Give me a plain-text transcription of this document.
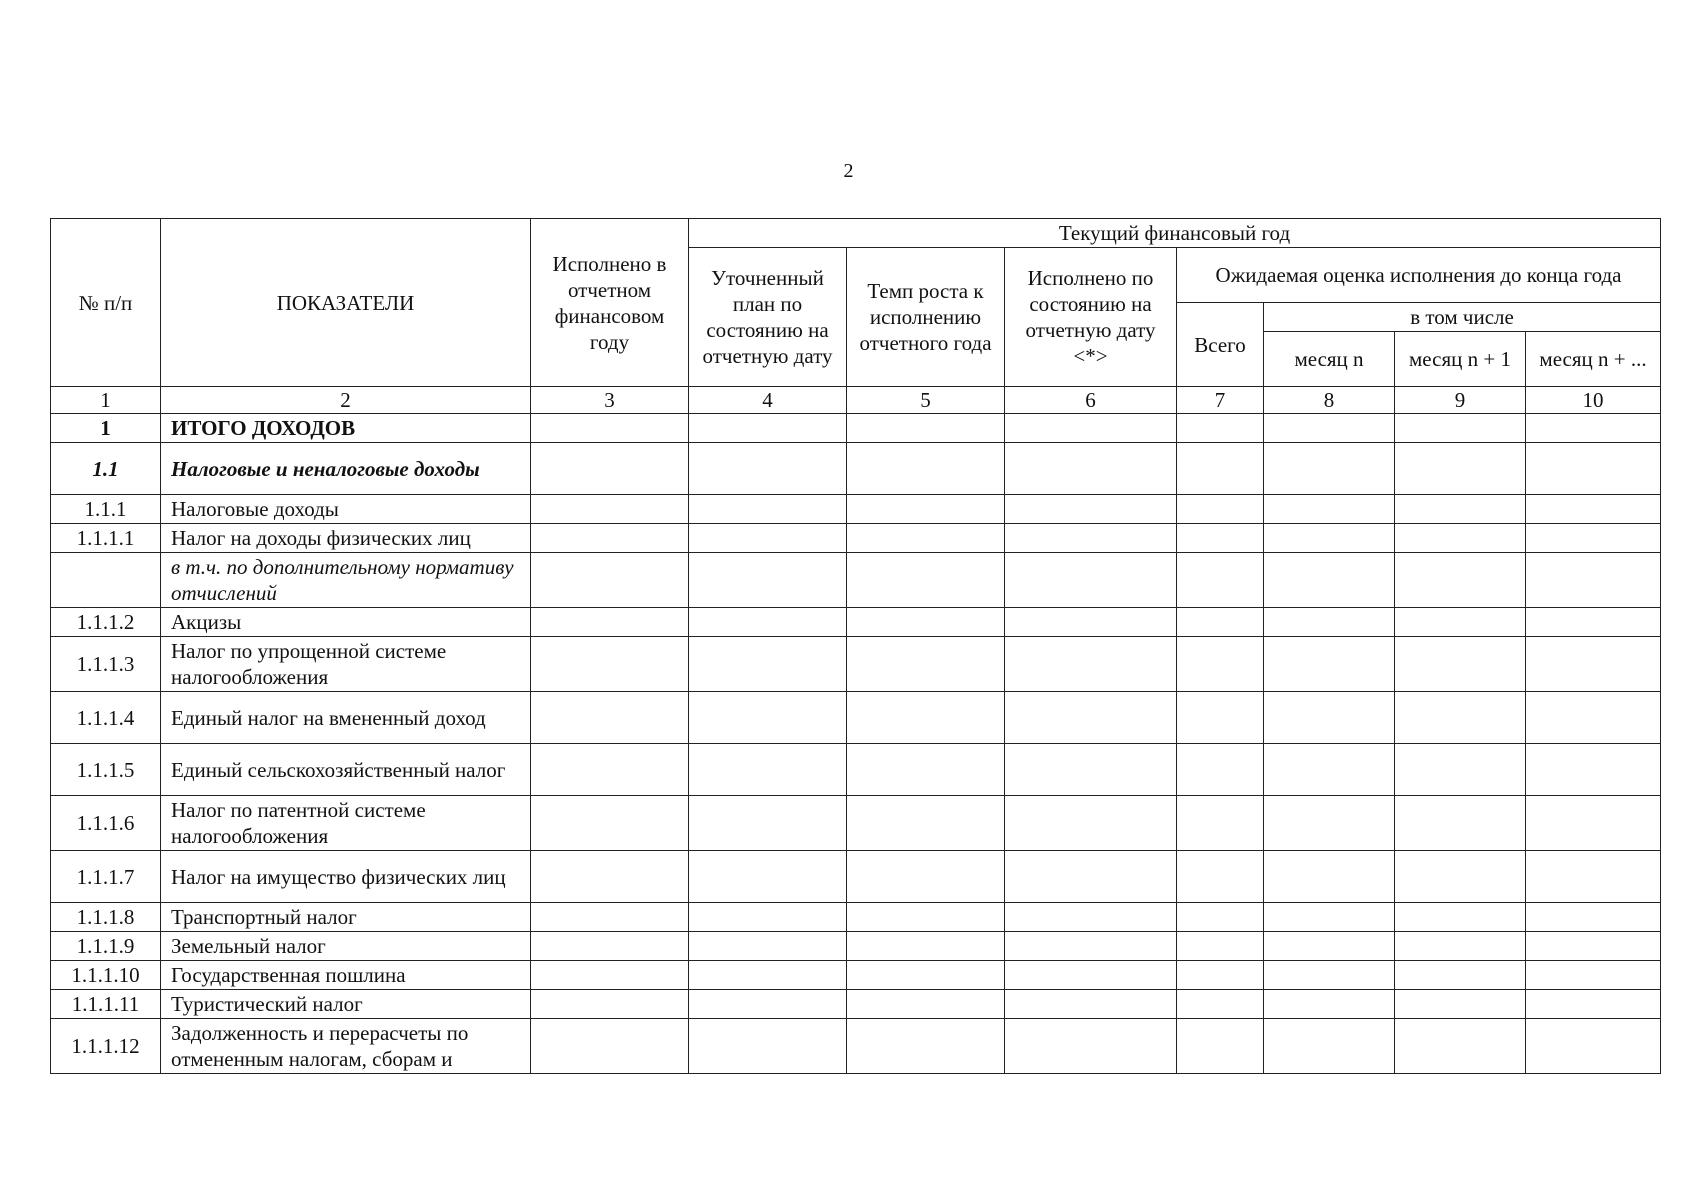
2
№ п/п	ПОКАЗАТЕЛИ	Исполнено в отчетном финансовом году	Текущий финансовый год						
			Уточненный план по состоянию на отчетную дату	Темп роста к исполнению отчетного года	Исполнено по состоянию на отчетную дату <*>	Ожидаемая оценка исполнения до конца года			
						Всего	в том числе		
							месяц n	месяц n + 1	месяц n + ...
1	2	3	4	5	6	7	8	9	10
1	ИТОГО ДОХОДОВ								
1.1	Налоговые и неналоговые доходы								
1.1.1	Налоговые доходы								
1.1.1.1	Налог на доходы физических лиц								
	в т.ч. по дополнительному нормативу отчислений								
1.1.1.2	Акцизы								
1.1.1.3	Налог по упрощенной системе налогообложения								
1.1.1.4	Единый налог на вмененный доход								
1.1.1.5	Единый сельскохозяйственный налог								
1.1.1.6	Налог по патентной системе налогообложения								
1.1.1.7	Налог на имущество физических лиц								
1.1.1.8	Транспортный налог								
1.1.1.9	Земельный налог								
1.1.1.10	Государственная пошлина								
1.1.1.11	Туристический налог								
1.1.1.12	Задолженность и перерасчеты по отмененным налогам, сборам и								
